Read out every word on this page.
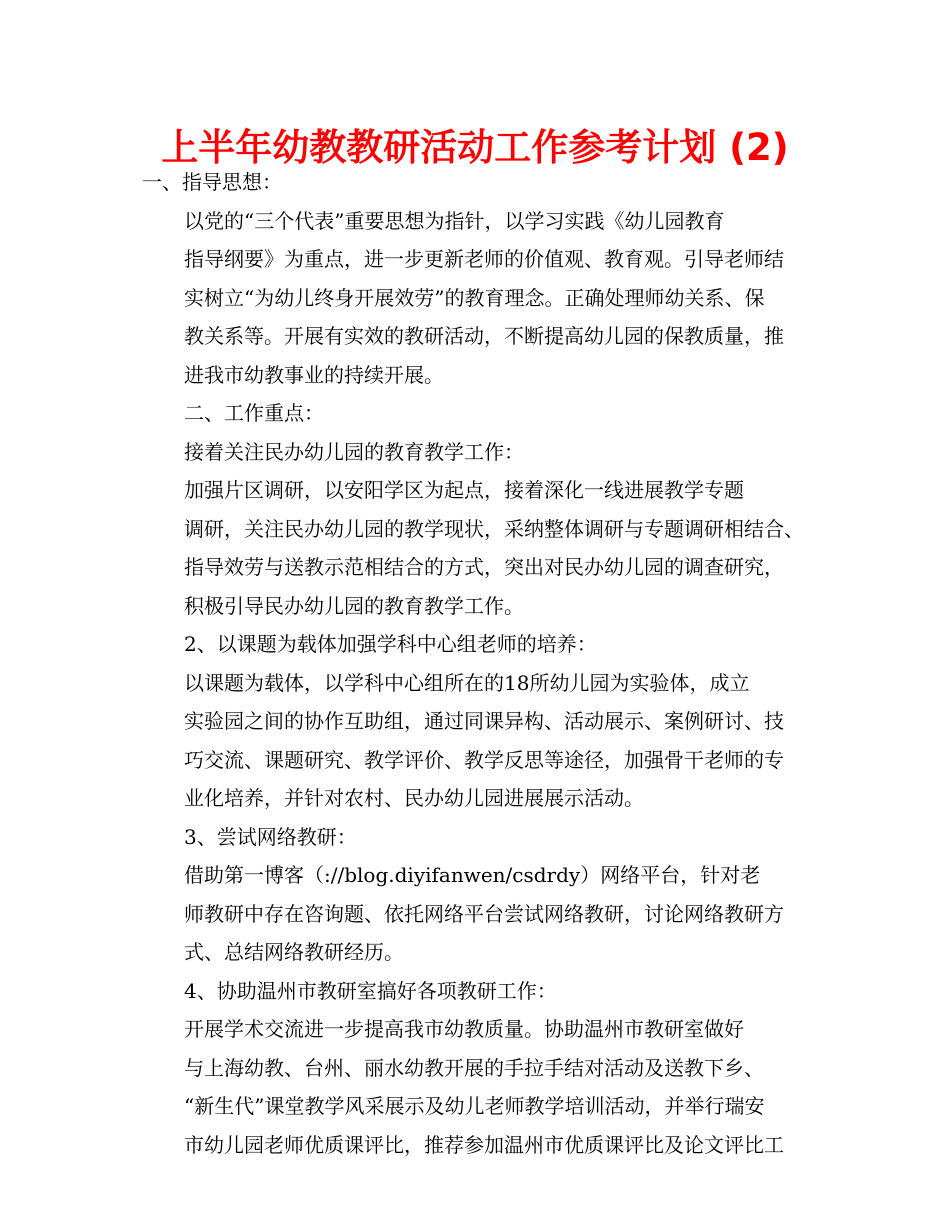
上半年幼教教研活动工作参考计划 (2)

一、指导思想：

以党的“三个代表”重要思想为指针，以学习实践《幼儿园教育
指导纲要》为重点，进一步更新老师的价值观、教育观。引导老师结
实树立“为幼儿终身开展效劳”的教育理念。正确处理师幼关系、保
教关系等。开展有实效的教研活动，不断提高幼儿园的保教质量，推
进我市幼教事业的持续开展。

二、工作重点：

接着关注民办幼儿园的教育教学工作：

加强片区调研，以安阳学区为起点，接着深化一线进展教学专题
调研，关注民办幼儿园的教学现状，采纳整体调研与专题调研相结合、
指导效劳与送教示范相结合的方式，突出对民办幼儿园的调查研究，
积极引导民办幼儿园的教育教学工作。

2、以课题为载体加强学科中心组老师的培养：

以课题为载体，以学科中心组所在的18所幼儿园为实验体，成立
实验园之间的协作互助组，通过同课异构、活动展示、案例研讨、技
巧交流、课题研究、教学评价、教学反思等途径，加强骨干老师的专
业化培养，并针对农村、民办幼儿园进展展示活动。

3、尝试网络教研：

借助第一博客（://blog.diyifanwen/csdrdy）网络平台，针对老
师教研中存在咨询题、依托网络平台尝试网络教研，讨论网络教研方
式、总结网络教研经历。

4、协助温州市教研室搞好各项教研工作：

开展学术交流进一步提高我市幼教质量。协助温州市教研室做好
与上海幼教、台州、丽水幼教开展的手拉手结对活动及送教下乡、
“新生代”课堂教学风采展示及幼儿老师教学培训活动，并举行瑞安
市幼儿园老师优质课评比，推荐参加温州市优质课评比及论文评比工
